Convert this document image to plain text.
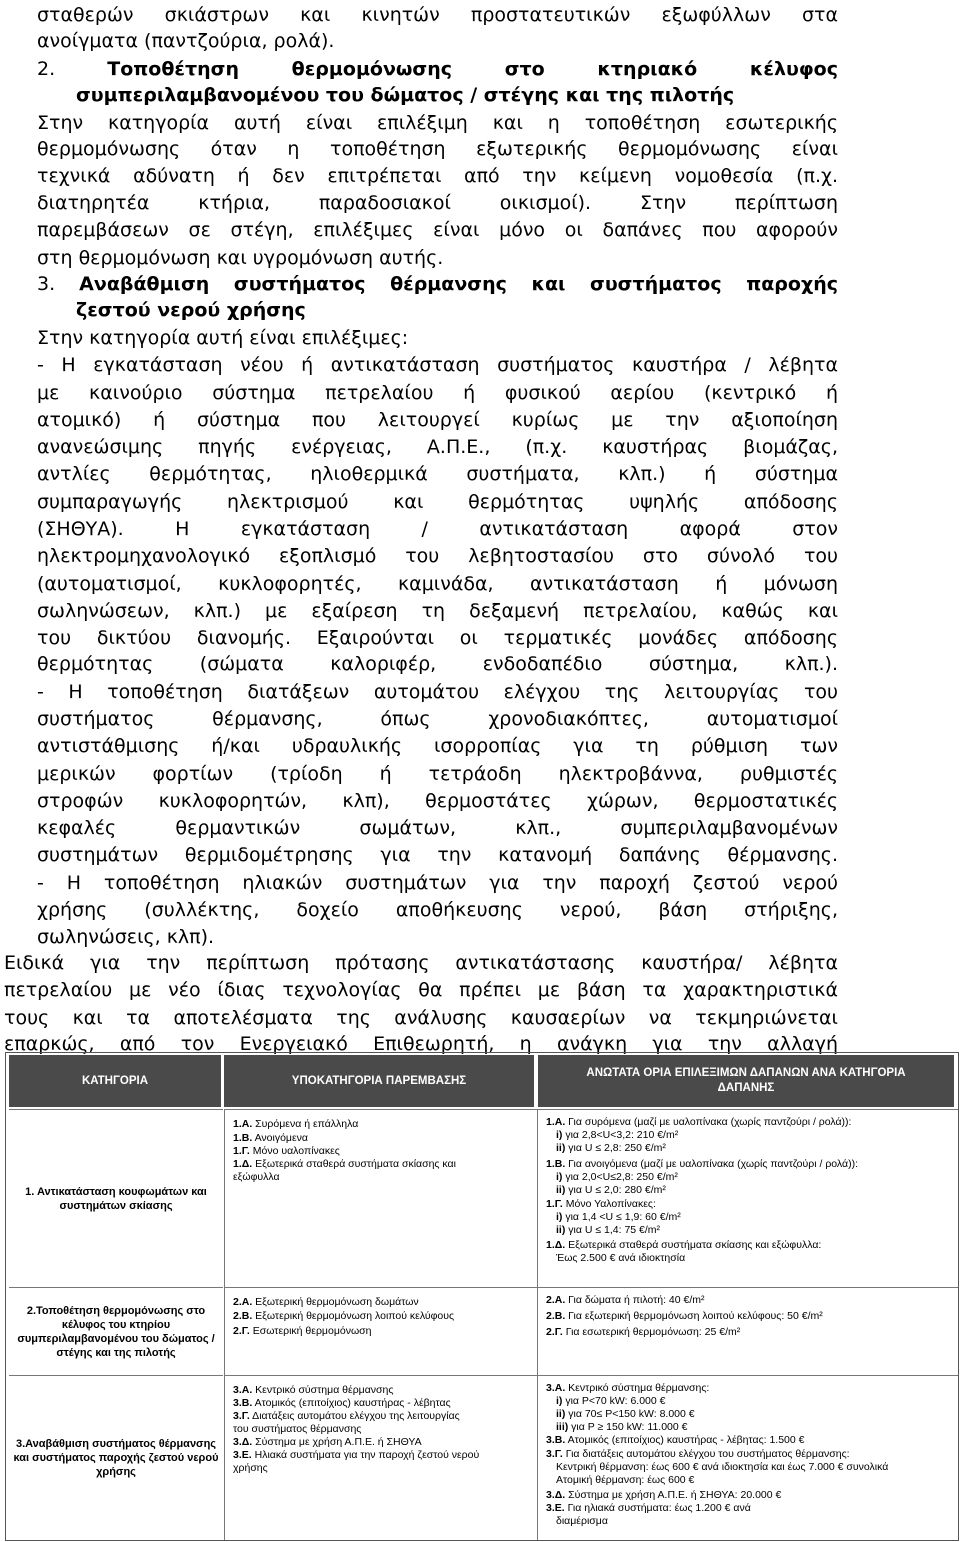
σταθερών σκιάστρων και κινητών προστατευτικών εξωφύλλων στα
ανοίγματα (παντζούρια, ρολά).
2. Τοποθέτηση θερμομόνωσης στο κτηριακό κέλυφος
συμπεριλαμβανομένου του δώματος / στέγης και της πιλοτής
Στην κατηγορία αυτή είναι επιλέξιμη και η τοποθέτηση εσωτερικής
θερμομόνωσης όταν η τοποθέτηση εξωτερικής θερμομόνωσης είναι
τεχνικά αδύνατη ή δεν επιτρέπεται από την κείμενη νομοθεσία (π.χ.
διατηρητέα κτήρια, παραδοσιακοί οικισμοί). Στην περίπτωση
παρεμβάσεων σε στέγη, επιλέξιμες είναι μόνο οι δαπάνες που αφορούν
στη θερμομόνωση και υγρομόνωση αυτής.
3. Αναβάθμιση συστήματος θέρμανσης και συστήματος παροχής
ζεστού νερού χρήσης
Στην κατηγορία αυτή είναι επιλέξιμες:
- Η εγκατάσταση νέου ή αντικατάσταση συστήματος καυστήρα / λέβητα
με καινούριο σύστημα πετρελαίου ή φυσικού αερίου (κεντρικό ή
ατομικό) ή σύστημα που λειτουργεί κυρίως με την αξιοποίηση
ανανεώσιμης πηγής ενέργειας, Α.Π.Ε., (π.χ. καυστήρας βιομάζας,
αντλίες θερμότητας, ηλιοθερμικά συστήματα, κλπ.) ή σύστημα
συμπαραγωγής ηλεκτρισμού και θερμότητας υψηλής απόδοσης
(ΣΗΘΥΑ). Η εγκατάσταση / αντικατάσταση αφορά στον
ηλεκτρομηχανολογικό εξοπλισμό του λεβητοστασίου στο σύνολό του
(αυτοματισμοί, κυκλοφορητές, καμινάδα, αντικατάσταση ή μόνωση
σωληνώσεων, κλπ.) με εξαίρεση τη δεξαμενή πετρελαίου, καθώς και
του δικτύου διανομής. Εξαιρούνται οι τερματικές μονάδες απόδοσης
θερμότητας (σώματα καλοριφέρ, ενδοδαπέδιο σύστημα, κλπ.).
- Η τοποθέτηση διατάξεων αυτομάτου ελέγχου της λειτουργίας του
συστήματος θέρμανσης, όπως χρονοδιακόπτες, αυτοματισμοί
αντιστάθμισης ή/και υδραυλικής ισορροπίας για τη ρύθμιση των
μερικών φορτίων (τρίοδη ή τετράοδη ηλεκτροβάννα, ρυθμιστές
στροφών κυκλοφορητών, κλπ), θερμοστάτες χώρων, θερμοστατικές
κεφαλές θερμαντικών σωμάτων, κλπ., συμπεριλαμβανομένων
συστημάτων θερμιδομέτρησης για την κατανομή δαπάνης θέρμανσης.
- Η τοποθέτηση ηλιακών συστημάτων για την παροχή ζεστού νερού
χρήσης (συλλέκτης, δοχείο αποθήκευσης νερού, βάση στήριξης,
σωληνώσεις, κλπ).
Ειδικά για την περίπτωση πρότασης αντικατάστασης καυστήρα/ λέβητα
πετρελαίου με νέο ίδιας τεχνολογίας θα πρέπει με βάση τα χαρακτηριστικά
τους και τα αποτελέσματα της ανάλυσης καυσαερίων να τεκμηριώνεται
επαρκώς, από τον Ενεργειακό Επιθεωρητή, η ανάγκη για την αλλαγή
ΚΑΤΗΓΟΡΙΑ	ΥΠΟΚΑΤΗΓΟΡΙΑ ΠΑΡΕΜΒΑΣΗΣ
ΑΝΩΤΑΤΑ ΟΡΙΑ ΕΠΙΛΕΞΙΜΩΝ ΔΑΠΑΝΩΝ ΑΝΑ ΚΑΤΗΓΟΡΙΑ ΔΑΠΑΝΗΣ
1. Αντικατάσταση κουφωμάτων και συστημάτων σκίασης
1.Α. Συρόμενα ή επάλληλα
1.Β. Ανοιγόμενα
1.Γ. Μόνο υαλοπίνακες
1.Δ. Εξωτερικά σταθερά συστήματα σκίασης και
εξώφυλλα
1.Α. Για συρόμενα (μαζί με υαλοπίνακα (χωρίς παντζούρι / ρολά)):
i) για 2,8<U<3,2: 210 €/m²
ii) για U ≤ 2,8: 250 €/m²
1.Β. Για ανοιγόμενα (μαζί με υαλοπίνακα (χωρίς παντζούρι / ρολά)):
i) για 2,0<U≤2,8: 250 €/m²
ii) για U ≤ 2,0: 280 €/m²
1.Γ. Μόνο Υαλοπίνακες:
i) για 1,4 <U ≤ 1,9: 60 €/m²
ii) για U ≤ 1,4: 75 €/m²
1.Δ. Εξωτερικά σταθερά συστήματα σκίασης και εξώφυλλα:
Έως 2.500 € ανά ιδιοκτησία
2.Τοποθέτηση θερμομόνωσης στο κέλυφος του κτηρίου συμπεριλαμβανομένου του δώματος / στέγης και της πιλοτής
2.Α. Εξωτερική θερμομόνωση δωμάτων
2.Β. Εξωτερική θερμομόνωση λοιπού κελύφους
2.Γ. Εσωτερική θερμομόνωση
2.Α. Για δώματα ή πιλοτή: 40 €/m²
2.Β. Για εξωτερική θερμομόνωση λοιπού κελύφους: 50 €/m²
2.Γ. Για εσωτερική θερμομόνωση: 25 €/m²
3.Αναβάθμιση συστήματος θέρμανσης και συστήματος παροχής ζεστού νερού χρήσης
3.Α. Κεντρικό σύστημα θέρμανσης
3.Β. Ατομικός (επιτοίχιος) καυστήρας - λέβητας
3.Γ. Διατάξεις αυτομάτου ελέγχου της λειτουργίας
του συστήματος θέρμανσης
3.Δ. Σύστημα με χρήση Α.Π.Ε. ή ΣΗΘΥΑ
3.Ε. Ηλιακά συστήματα για την παροχή ζεστού νερού
χρήσης
3.Α. Κεντρικό σύστημα θέρμανσης:
i) για P<70 kW: 6.000 €
ii) για 70≤ P<150 kW: 8.000 €
iii) για P ≥ 150 kW: 11.000 €
3.Β. Ατομικός (επιτοίχιος) καυστήρας - λέβητας: 1.500 €
3.Γ. Για διατάξεις αυτομάτου ελέγχου του συστήματος θέρμανσης:
Κεντρική θέρμανση: έως 600 € ανά ιδιοκτησία και έως 7.000 € συνολικά
Ατομική θέρμανση: έως 600 €
3.Δ. Σύστημα με χρήση Α.Π.Ε. ή ΣΗΘΥΑ: 20.000 €
3.Ε. Για ηλιακά συστήματα: έως 1.200 € ανά
διαμέρισμα
